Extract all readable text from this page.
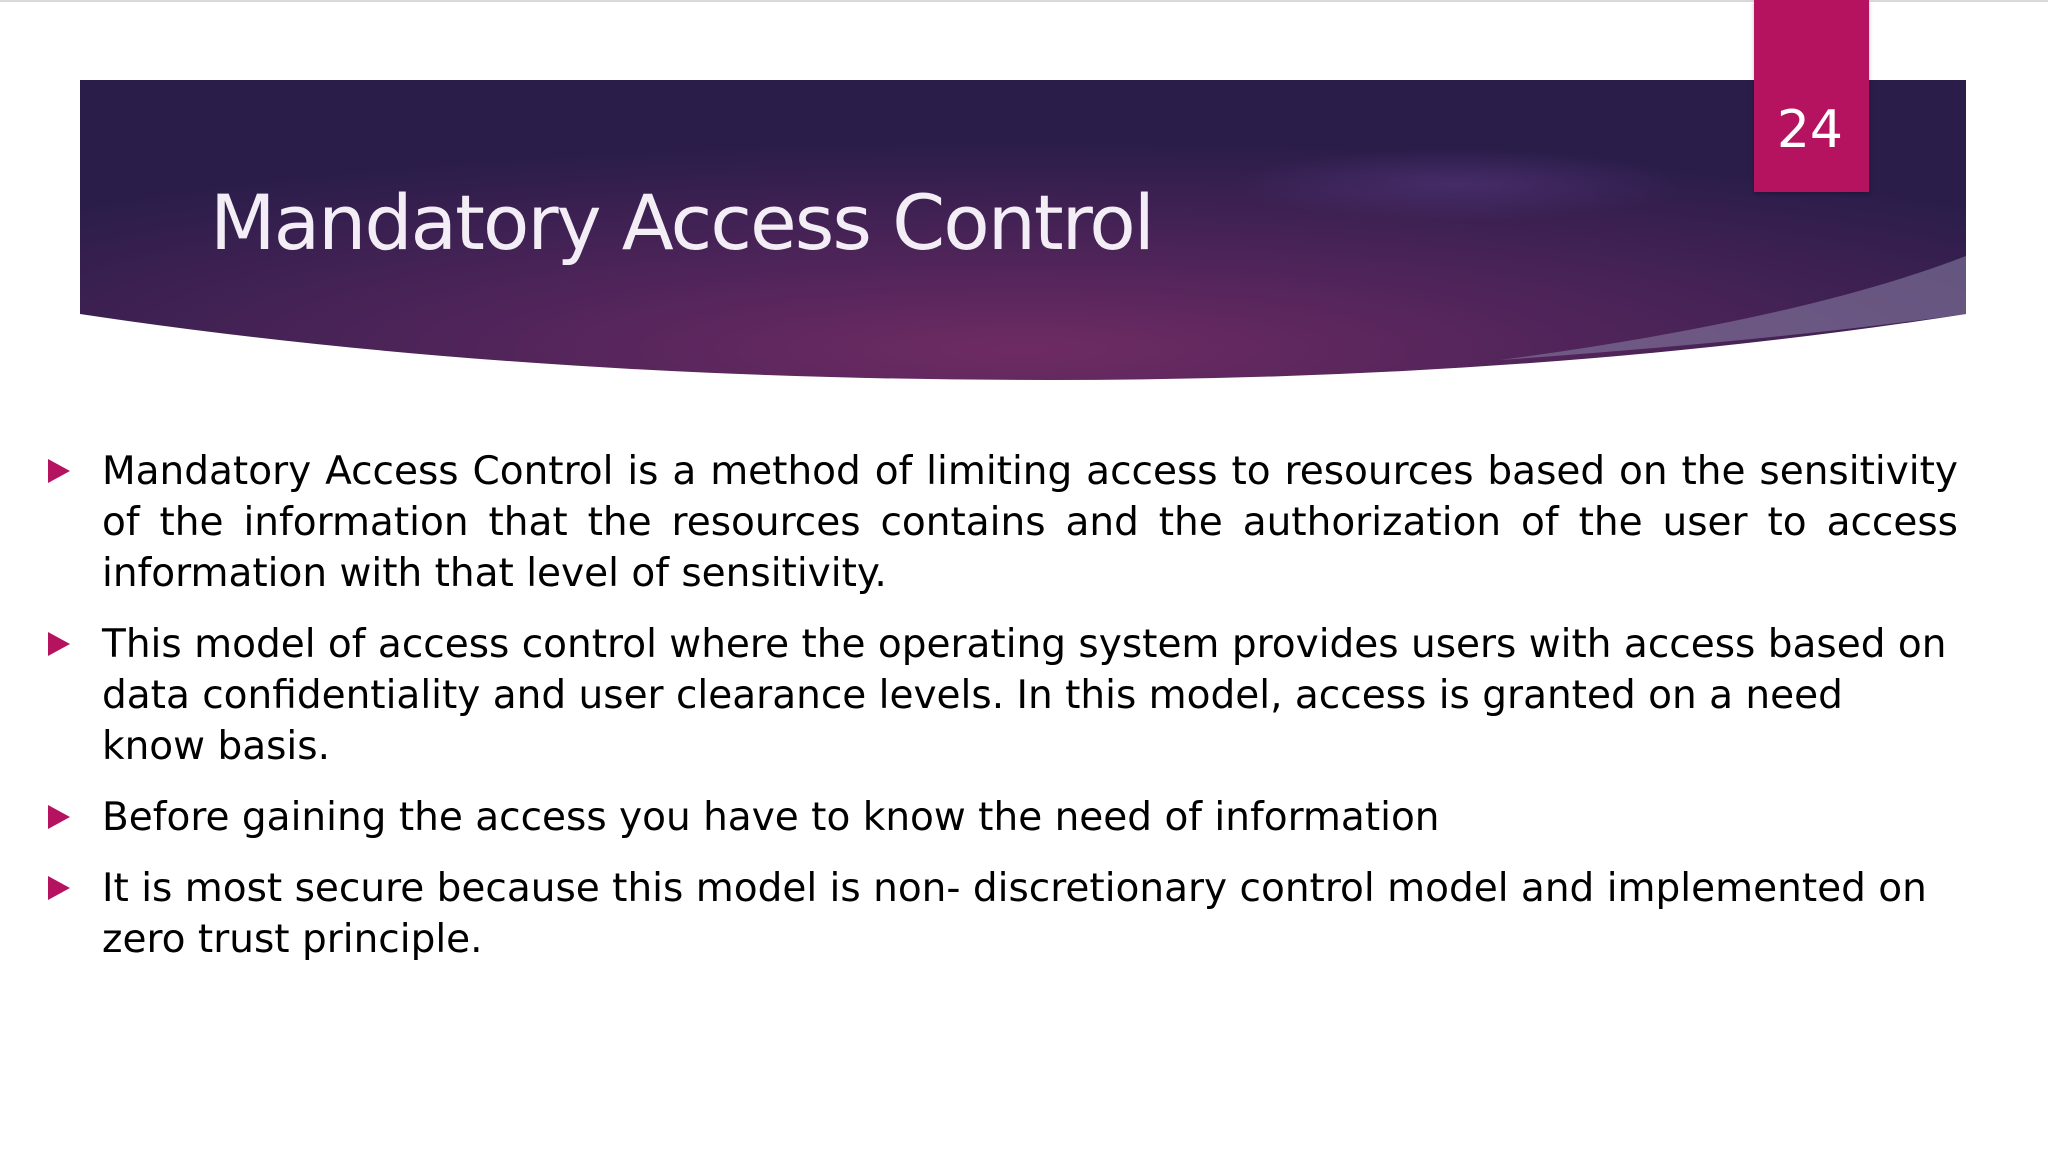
Mandatory Access Control
24
Mandatory Access Control is a method of limiting access to resources based on the sensitivity of the information that the resources contains and the authorization of the user to access information with that level of sensitivity.
This model of access control where the operating system provides users with access based on data confidentiality and user clearance levels. In this model, access is granted on a need know basis.
Before gaining the access you have to know the need of information
It is most secure because this model is non- discretionary control model and implemented on zero trust principle.
